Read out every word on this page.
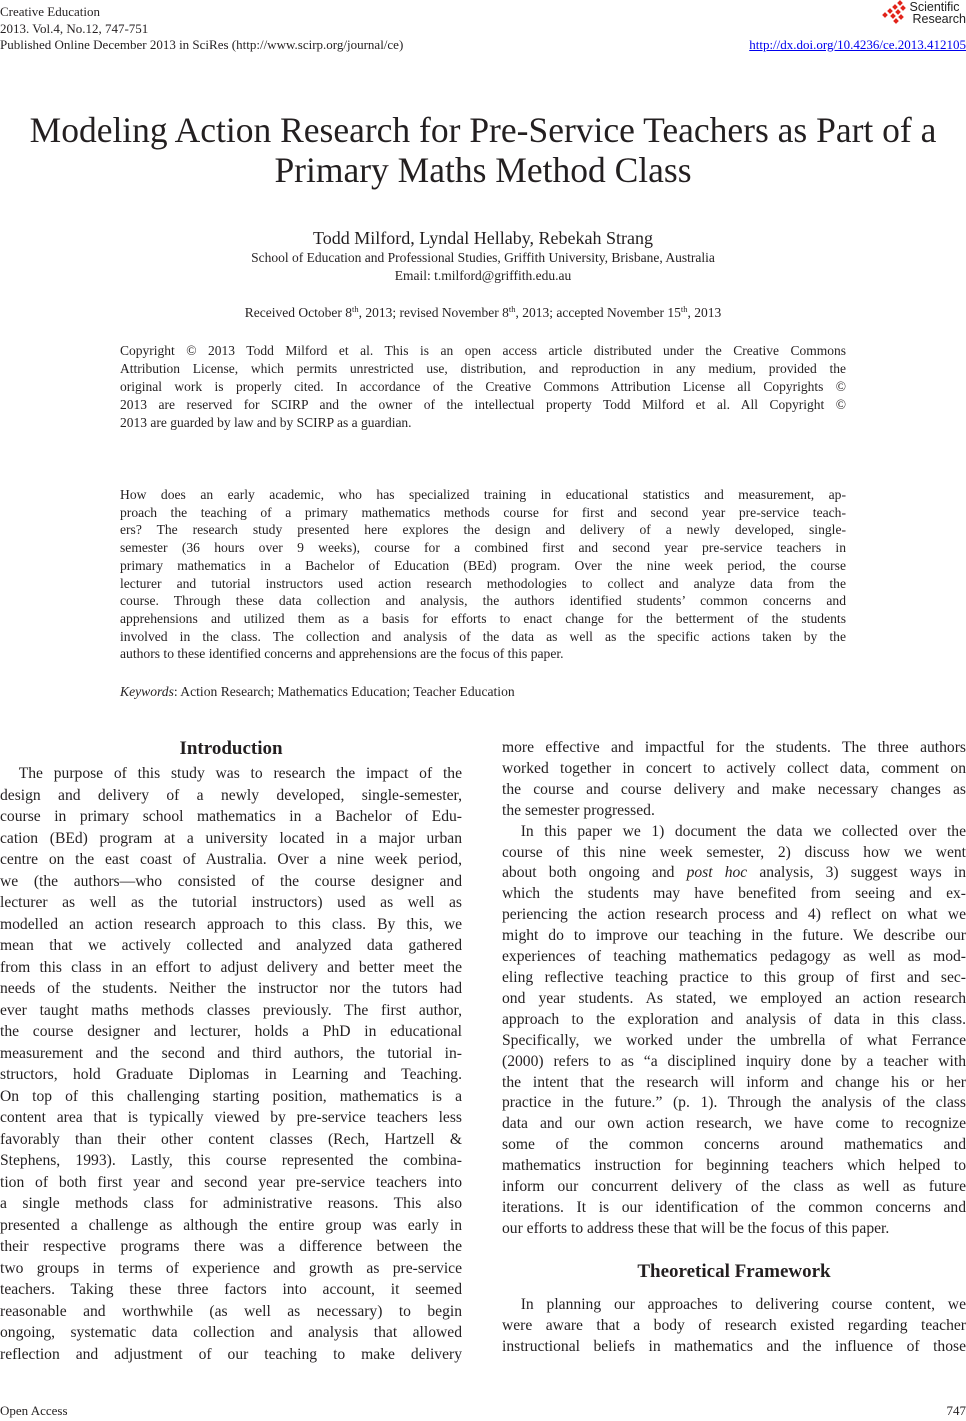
Creative Education
2013. Vol.4, No.12, 747-751
Published Online December 2013 in SciRes (http://www.scirp.org/journal/ce)
Scientific
Research
http://dx.doi.org/10.4236/ce.2013.412105
Modeling Action Research for Pre-Service Teachers as Part of a
Primary Maths Method Class
Todd Milford, Lyndal Hellaby, Rebekah Strang
School of Education and Professional Studies, Griffith University, Brisbane, Australia
Email: t.milford@griffith.edu.au
Received October 8th, 2013; revised November 8th, 2013; accepted November 15th, 2013
Copyright © 2013 Todd Milford et al. This is an open access article distributed under the Creative Commons
Attribution License, which permits unrestricted use, distribution, and reproduction in any medium, provided the
original work is properly cited. In accordance of the Creative Commons Attribution License all Copyrights ©
2013 are reserved for SCIRP and the owner of the intellectual property Todd Milford et al. All Copyright ©
2013 are guarded by law and by SCIRP as a guardian.
How does an early academic, who has specialized training in educational statistics and measurement, ap-
proach the teaching of a primary mathematics methods course for first and second year pre-service teach-
ers? The research study presented here explores the design and delivery of a newly developed, single-
semester (36 hours over 9 weeks), course for a combined first and second year pre-service teachers in
primary mathematics in a Bachelor of Education (BEd) program. Over the nine week period, the course
lecturer and tutorial instructors used action research methodologies to collect and analyze data from the
course. Through these data collection and analysis, the authors identified students’ common concerns and
apprehensions and utilized them as a basis for efforts to enact change for the betterment of the students
involved in the class. The collection and analysis of the data as well as the specific actions taken by the
authors to these identified concerns and apprehensions are the focus of this paper.
Keywords: Action Research; Mathematics Education; Teacher Education
Introduction
The purpose of this study was to research the impact of the
design and delivery of a newly developed, single-semester,
course in primary school mathematics in a Bachelor of Edu-
cation (BEd) program at a university located in a major urban
centre on the east coast of Australia. Over a nine week period,
we (the authors—who consisted of the course designer and
lecturer as well as the tutorial instructors) used as well as
modelled an action research approach to this class. By this, we
mean that we actively collected and analyzed data gathered
from this class in an effort to adjust delivery and better meet the
needs of the students. Neither the instructor nor the tutors had
ever taught maths methods classes previously. The first author,
the course designer and lecturer, holds a PhD in educational
measurement and the second and third authors, the tutorial in-
structors, hold Graduate Diplomas in Learning and Teaching.
On top of this challenging starting position, mathematics is a
content area that is typically viewed by pre-service teachers less
favorably than their other content classes (Rech, Hartzell &
Stephens, 1993). Lastly, this course represented the combina-
tion of both first year and second year pre-service teachers into
a single methods class for administrative reasons. This also
presented a challenge as although the entire group was early in
their respective programs there was a difference between the
two groups in terms of experience and growth as pre-service
teachers. Taking these three factors into account, it seemed
reasonable and worthwhile (as well as necessary) to begin
ongoing, systematic data collection and analysis that allowed
reflection and adjustment of our teaching to make delivery
more effective and impactful for the students. The three authors
worked together in concert to actively collect data, comment on
the course and course delivery and make necessary changes as
the semester progressed.
In this paper we 1) document the data we collected over the
course of this nine week semester, 2) discuss how we went
about both ongoing and post hoc analysis, 3) suggest ways in
which the students may have benefited from seeing and ex-
periencing the action research process and 4) reflect on what we
might do to improve our teaching in the future. We describe our
experiences of teaching mathematics pedagogy as well as mod-
eling reflective teaching practice to this group of first and sec-
ond year students. As stated, we employed an action research
approach to the exploration and analysis of data in this class.
Specifically, we worked under the umbrella of what Ferrance
(2000) refers to as “a disciplined inquiry done by a teacher with
the intent that the research will inform and change his or her
practice in the future.” (p. 1). Through the analysis of the class
data and our own action research, we have come to recognize
some of the common concerns around mathematics and
mathematics instruction for beginning teachers which helped to
inform our concurrent delivery of the class as well as future
iterations. It is our identification of the common concerns and
our efforts to address these that will be the focus of this paper.
Theoretical Framework
In planning our approaches to delivering course content, we
were aware that a body of research existed regarding teacher
instructional beliefs in mathematics and the influence of those
Open Access	747
